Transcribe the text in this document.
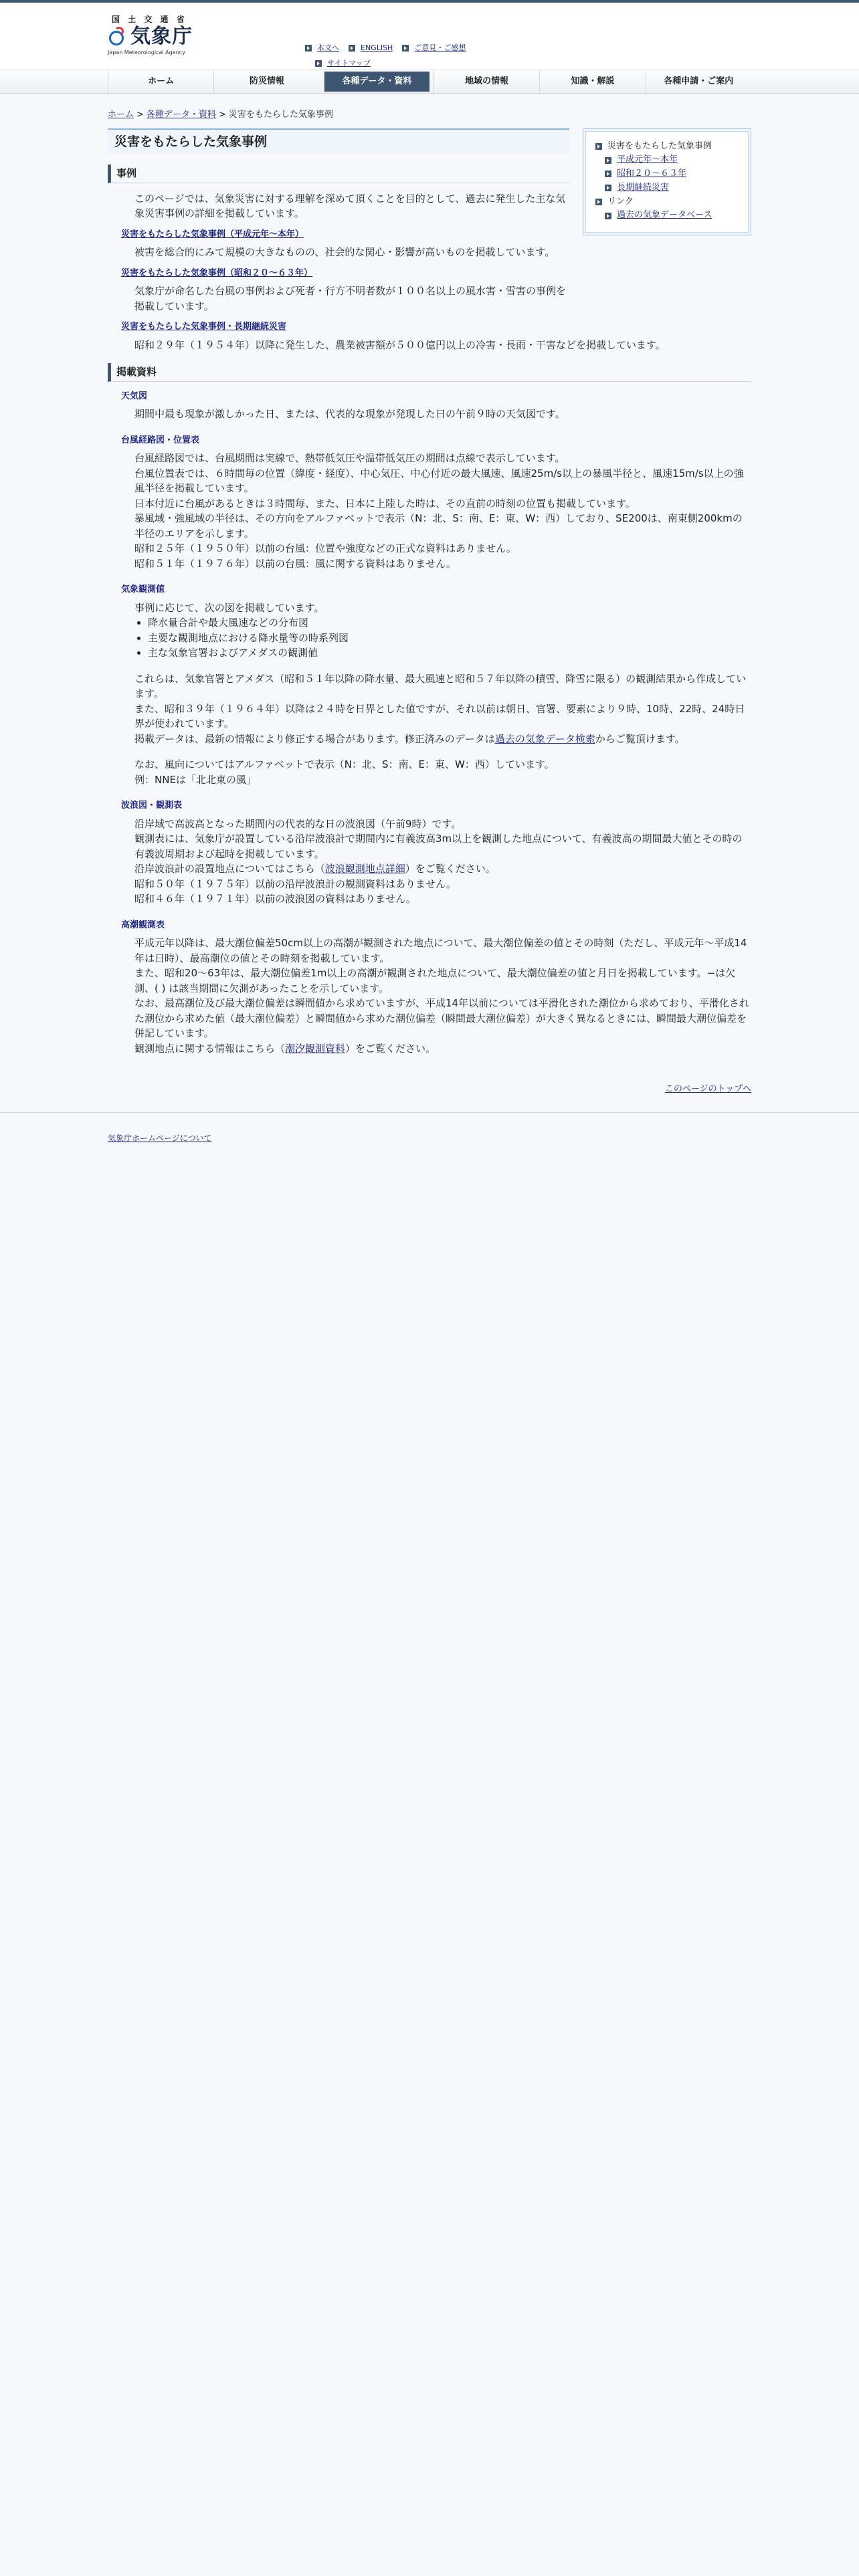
国 土 交 通 省
気象庁
Japan Meteorological Agency
本文へ	ENGLISH	ご意見・ご感想
サイトマップ
ホーム	防災情報	各種データ・資料	地域の情報	知識・解説	各種申請・ご案内
ホーム > 各種データ・資料 > 災害をもたらした気象事例
災害をもたらした気象事例
事例

このページでは、気象災害に対する理解を深めて頂くことを目的として、過去に発生した主な気象災害事例の詳細を掲載しています。

災害をもたらした気象事例（平成元年〜本年）

被害を総合的にみて規模の大きなものの、社会的な関心・影響が高いものを掲載しています。

災害をもたらした気象事例（昭和２０〜６３年）

気象庁が命名した台風の事例および死者・行方不明者数が１００名以上の風水害・雪害の事例を掲載しています。

災害をもたらした気象事例・長期継続災害
災害をもたらした気象事例
平成元年〜本年
昭和２０〜６３年
長期継続災害
リンク
過去の気象データベース

昭和２９年（１９５４年）以降に発生した、農業被害額が５００億円以上の冷害・長雨・干害などを掲載しています。

掲載資料
天気図

期間中最も現象が激しかった日、または、代表的な現象が発現した日の午前９時の天気図です。

台風経路図・位置表

台風経路図では、台風期間は実線で、熱帯低気圧や温帯低気圧の期間は点線で表示しています。

台風位置表では、６時間毎の位置（緯度・経度）、中心気圧、中心付近の最大風速、風速25m/s以上の暴風半径と、風速15m/s以上の強風半径を掲載しています。

日本付近に台風があるときは３時間毎、また、日本に上陸した時は、その直前の時刻の位置も掲載しています。

暴風域・強風域の半径は、その方向をアルファベットで表示（N：北、S：南、E：東、W：西）しており、SE200は、南東側200kmの半径のエリアを示します。

昭和２５年（１９５０年）以前の台風：位置や強度などの正式な資料はありません。

昭和５１年（１９７６年）以前の台風：風に関する資料はありません。

気象観測値

事例に応じて、次の図を掲載しています。

• 降水量合計や最大風速などの分布図
• 主要な観測地点における降水量等の時系列図
• 主な気象官署およびアメダスの観測値

これらは、気象官署とアメダス（昭和５１年以降の降水量、最大風速と昭和５７年以降の積雪、降雪に限る）の観測結果から作成しています。

また、昭和３９年（１９６４年）以降は２４時を日界とした値ですが、それ以前は朝日、官署、要素により９時、10時、22時、24時日界が使われています。

掲載データは、最新の情報により修正する場合があります。修正済みのデータは過去の気象データ検索からご覧頂けます。

なお、風向についてはアルファベットで表示（N：北、S：南、E：東、W：西）しています。

例：NNEは「北北東の風」

波浪図・観測表

沿岸域で高波高となった期間内の代表的な日の波浪図（午前9時）です。

観測表には、気象庁が設置している沿岸波浪計で期間内に有義波高3m以上を観測した地点について、有義波高の期間最大値とその時の有義波周期および起時を掲載しています。

沿岸波浪計の設置地点についてはこちら（波浪観測地点詳細）をご覧ください。

昭和５０年（１９７５年）以前の沿岸波浪計の観測資料はありません。

昭和４６年（１９７１年）以前の波浪図の資料はありません。

高潮観測表

平成元年以降は、最大潮位偏差50cm以上の高潮が観測された地点について、最大潮位偏差の値とその時刻（ただし、平成元年〜平成14年は日時）、最高潮位の値とその時刻を掲載しています。

また、昭和20〜63年は、最大潮位偏差1m以上の高潮が観測された地点について、最大潮位偏差の値と月日を掲載しています。−は欠測、( ) は該当期間に欠測があったことを示しています。

なお、最高潮位及び最大潮位偏差は瞬間値から求めていますが、平成14年以前については平滑化された潮位から求めており、平滑化された潮位から求めた値（最大潮位偏差）と瞬間値から求めた潮位偏差（瞬間最大潮位偏差）が大きく異なるときには、瞬間最大潮位偏差を併記しています。

観測地点に関する情報はこちら（潮汐観測資料）をご覧ください。

このページのトップへ
気象庁ホームページについて
